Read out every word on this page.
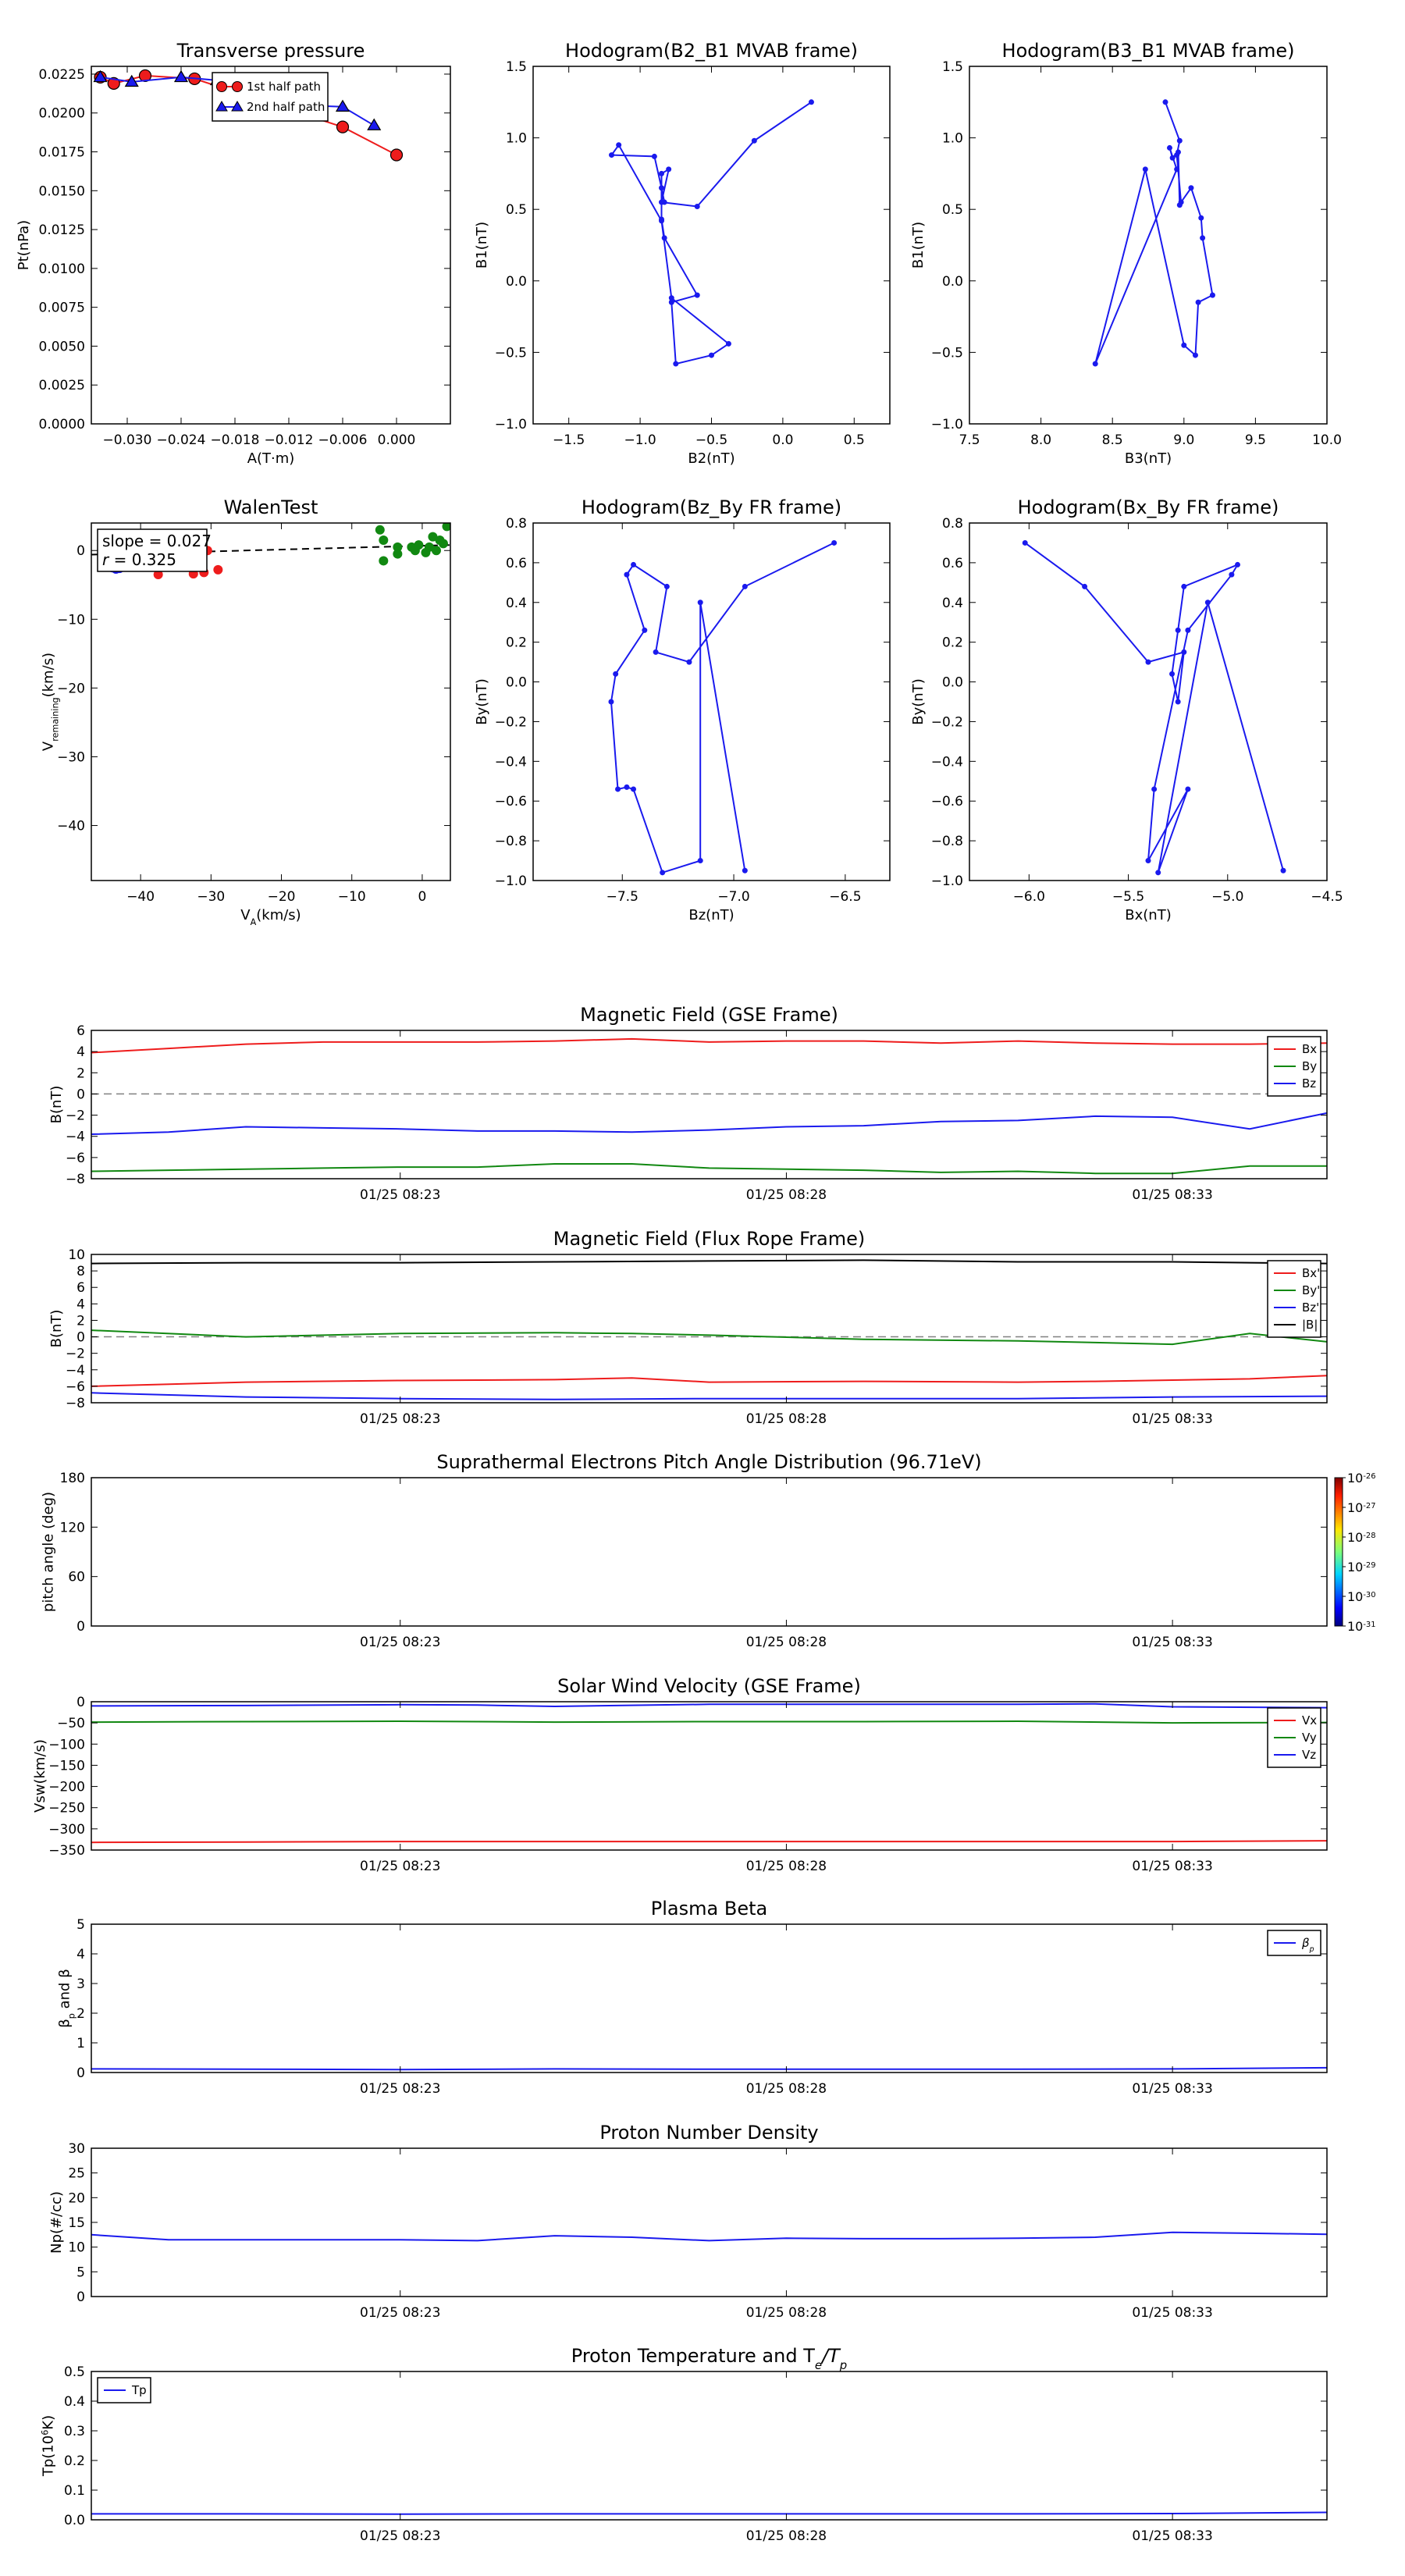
Transverse pressure
−0.030 −0.024 −0.018 −0.012 −0.006 0.000
0.0000
0.0025
0.0050
0.0075
0.0100
0.0125
0.0150
0.0175
0.0200
0.0225
A(T·m)
Pt(nPa)
1st half path
2nd half path
Hodogram(B2_B1 MVAB frame)
−1.5	−1.0	−0.5	0.0	0.5
−1.0
−0.5
0.0
0.5
1.0
1.5
B2(nT)
B1(nT)
Hodogram(B3_B1 MVAB frame)
7.5	8.0	8.5	9.0	9.5	10.0
−1.0
−0.5
0.0
0.5
1.0
1.5
B3(nT)
B1(nT)
WalenTest
−40	−30	−20	−10	0
0
−10
−20
−30
−40
$V_A(km/s)$
$V_{remaining}(km/s)$
slope = 0.027
r = 0.325
Hodogram(Bz_By FR frame)
−7.5	−7.0	−6.5
−1.0
−0.8
−0.6
−0.4
−0.2
0.0
0.2
0.4
0.6
0.8
Bz(nT)
By(nT)
Hodogram(Bx_By FR frame)
−6.0	−5.5	−5.0	−4.5
−1.0
−0.8
−0.6
−0.4
−0.2
0.0
0.2
0.4
0.6
0.8
Bx(nT)
By(nT)
Magnetic Field (GSE Frame)
01/25 08:23	01/25 08:28	01/25 08:33
−8
−6
−4
−2
0
2
4
6
B(nT)
Bx
By
Bz
Magnetic Field (Flux Rope Frame)
01/25 08:23	01/25 08:28	01/25 08:33
−8
−6
−4
−2
0
2
4
6
8
10
B(nT)
Bx'
By'
Bz'
|B|
Suprathermal Electrons Pitch Angle Distribution (96.71eV)
$10^{-26}$
$10^{-27}$
$10^{-28}$
$10^{-29}$
$10^{-30}$
$10^{-31}$
01/25 08:23	01/25 08:28	01/25 08:33
0
60
120
180
pitch angle (deg)
Solar Wind Velocity (GSE Frame)
01/25 08:23	01/25 08:28	01/25 08:33
0
−50
−100
−150
−200
−250
−300
−350
Vsw(km/s)
Vx
Vy
Vz
Plasma Beta
01/25 08:23	01/25 08:28	01/25 08:33
0
1
2
3
4
5
$\beta_p$ and β
$\beta_p$
Proton Number Density
01/25 08:23	01/25 08:28	01/25 08:33
0
5
10
15
20
25
30
Np(#/cc)
Proton Temperature and $T_e/T_p$
01/25 08:23	01/25 08:28	01/25 08:33
0.0
0.1
0.2
0.3
0.4
0.5
$Tp(10^6K)$
Tp
